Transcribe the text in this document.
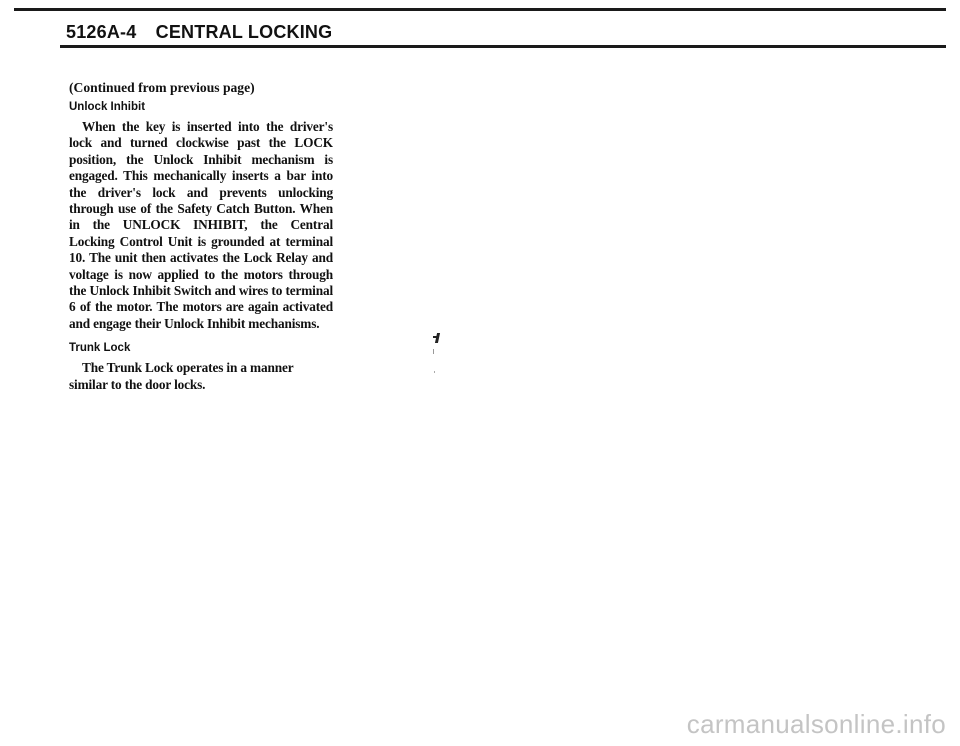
5126A-4 CENTRAL LOCKING

(Continued from previous page)

Unlock Inhibit

When the key is inserted into the driver's lock and turned clockwise past the LOCK position, the Unlock Inhibit mechanism is engaged. This mechanically inserts a bar into the driver's lock and prevents unlocking through use of the Safety Catch Button. When in the UNLOCK INHIBIT, the Central Locking Control Unit is grounded at terminal 10. The unit then activates the Lock Relay and voltage is now applied to the motors through the Unlock Inhibit Switch and wires to terminal 6 of the motor. The motors are again activated and engage their Unlock Inhibit mechanisms.

Trunk Lock

The Trunk Lock operates in a manner similar to the door locks.

carmanualsonline.info
